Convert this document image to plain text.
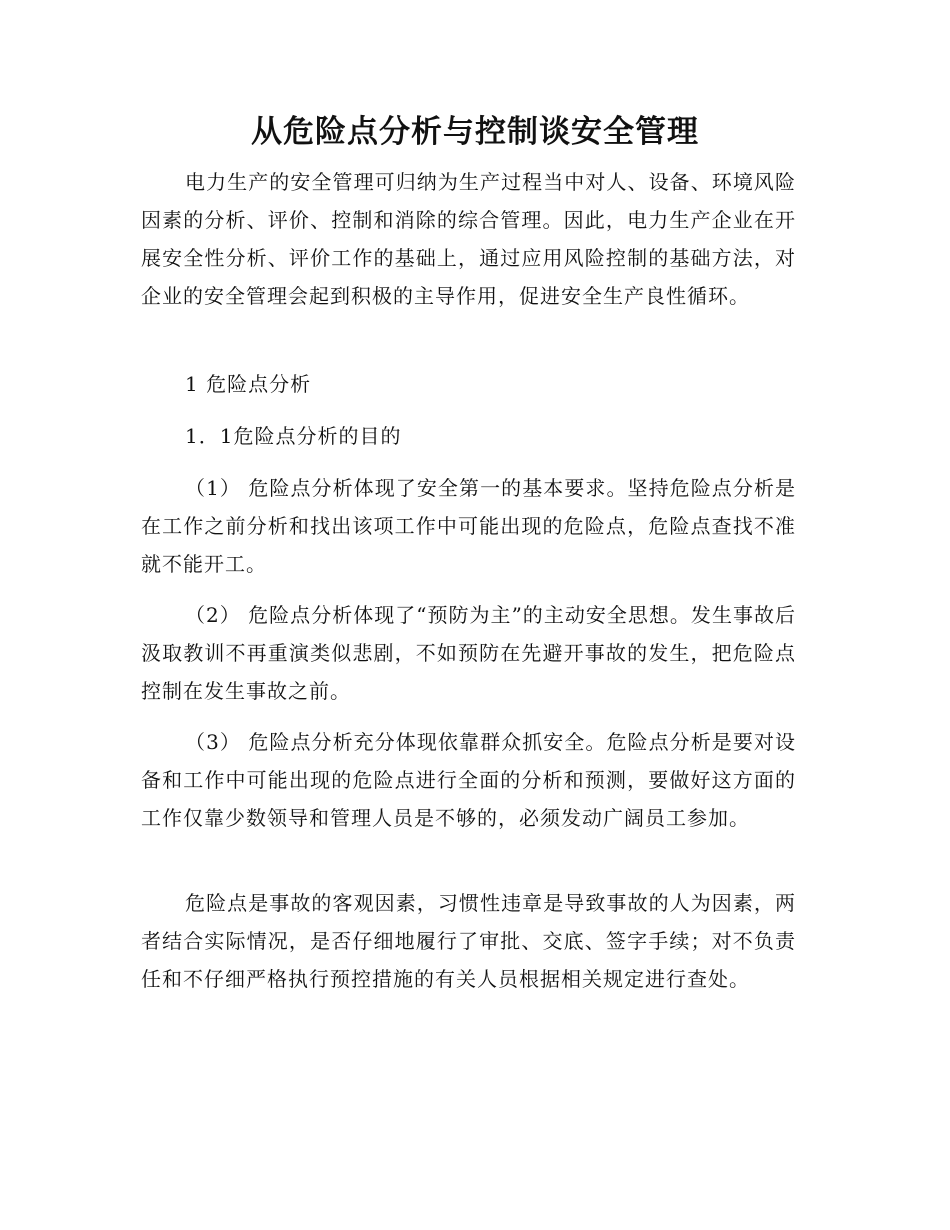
从危险点分析与控制谈安全管理

电力生产的安全管理可归纳为生产过程当中对人、设备、环境风险因素的分析、评价、控制和消除的综合管理。因此，电力生产企业在开展安全性分析、评价工作的基础上，通过应用风险控制的基础方法，对企业的安全管理会起到积极的主导作用，促进安全生产良性循环。

1 危险点分析

1．1危险点分析的目的

（1） 危险点分析体现了安全第一的基本要求。坚持危险点分析是在工作之前分析和找出该项工作中可能出现的危险点，危险点查找不准就不能开工。

（2） 危险点分析体现了“预防为主”的主动安全思想。发生事故后汲取教训不再重演类似悲剧，不如预防在先避开事故的发生，把危险点控制在发生事故之前。

（3） 危险点分析充分体现依靠群众抓安全。危险点分析是要对设备和工作中可能出现的危险点进行全面的分析和预测，要做好这方面的工作仅靠少数领导和管理人员是不够的，必须发动广阔员工参加。

危险点是事故的客观因素，习惯性违章是导致事故的人为因素，两者结合实际情况，是否仔细地履行了审批、交底、签字手续；对不负责任和不仔细严格执行预控措施的有关人员根据相关规定进行查处。
